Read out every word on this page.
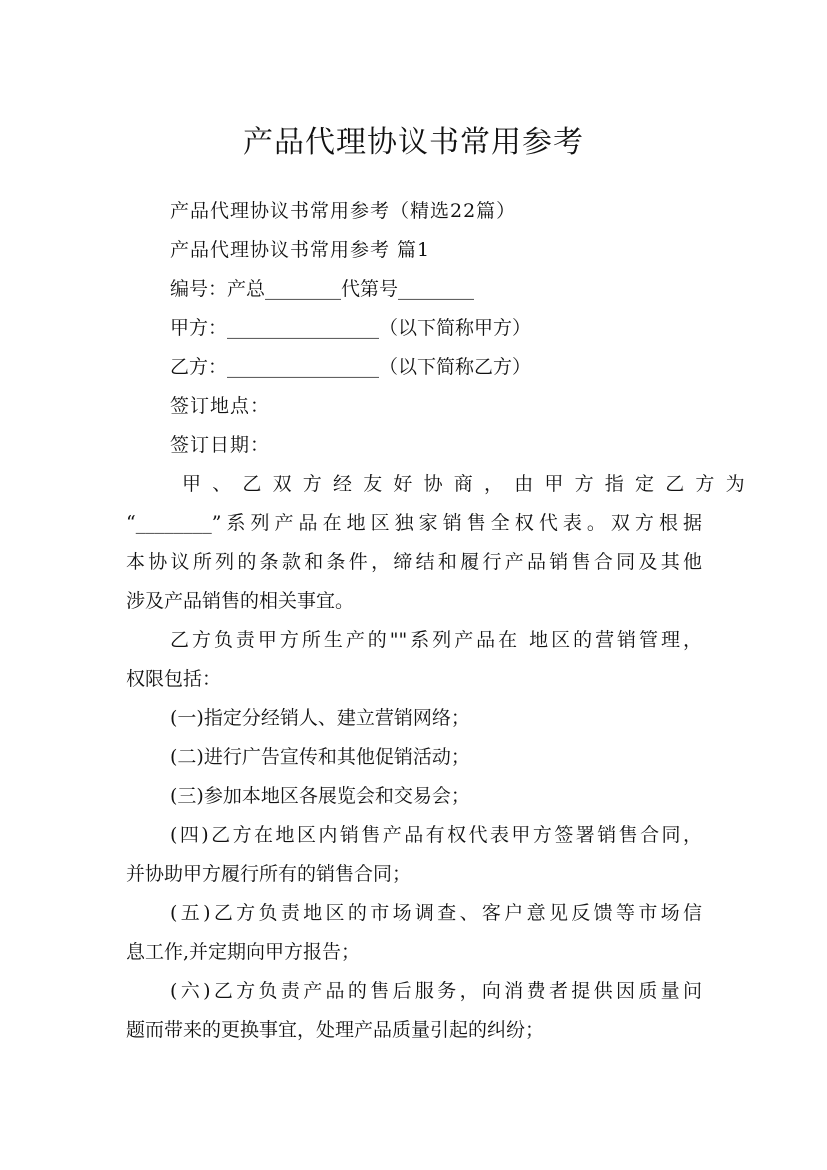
产品代理协议书常用参考
产品代理协议书常用参考（精选22篇）
产品代理协议书常用参考 篇1
编号：产总________代第号________
甲方：________________（以下简称甲方）
乙方：________________（以下简称乙方）
签订地点：
签订日期：
甲、乙双方经友好协商，由甲方指定乙方为
“________”系列产品在地区独家销售全权代表。双方根据
本协议所列的条款和条件，缔结和履行产品销售合同及其他
涉及产品销售的相关事宜。
乙方负责甲方所生产的""系列产品在 地区的营销管理，
权限包括：
(一)指定分经销人、建立营销网络；
(二)进行广告宣传和其他促销活动；
(三)参加本地区各展览会和交易会；
(四)乙方在地区内销售产品有权代表甲方签署销售合同，
并协助甲方履行所有的销售合同；
(五)乙方负责地区的市场调查、客户意见反馈等市场信
息工作,并定期向甲方报告；
(六)乙方负责产品的售后服务，向消费者提供因质量问
题而带来的更换事宜，处理产品质量引起的纠纷；
